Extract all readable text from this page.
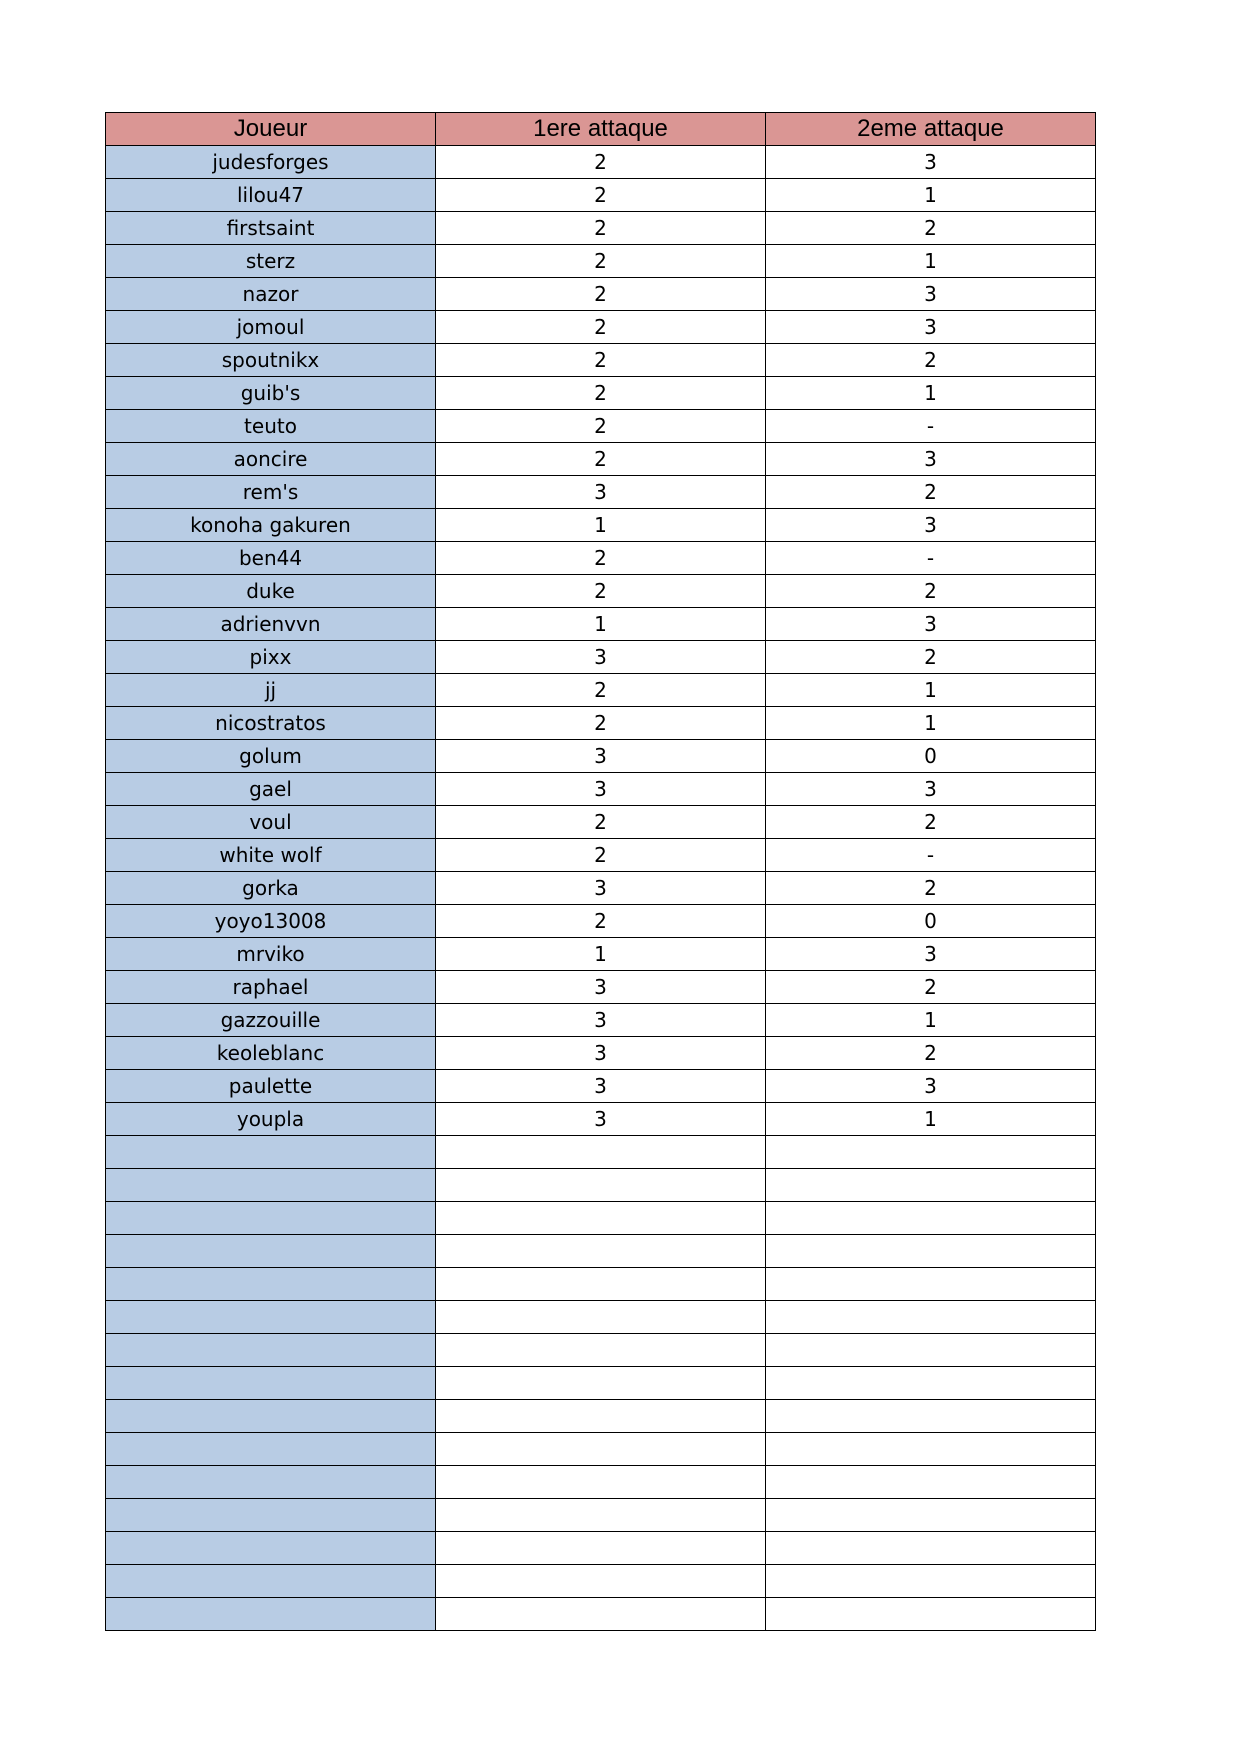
Joueur	1ere attaque	2eme attaque
judesforges	2	3
lilou47	2	1
firstsaint	2	2
sterz	2	1
nazor	2	3
jomoul	2	3
spoutnikx	2	2
guib's	2	1
teuto	2	-
aoncire	2	3
rem's	3	2
konoha gakuren	1	3
ben44	2	-
duke	2	2
adrienvvn	1	3
pixx	3	2
jj	2	1
nicostratos	2	1
golum	3	0
gael	3	3
voul	2	2
white wolf	2	-
gorka	3	2
yoyo13008	2	0
mrviko	1	3
raphael	3	2
gazzouille	3	1
keoleblanc	3	2
paulette	3	3
youpla	3	1
